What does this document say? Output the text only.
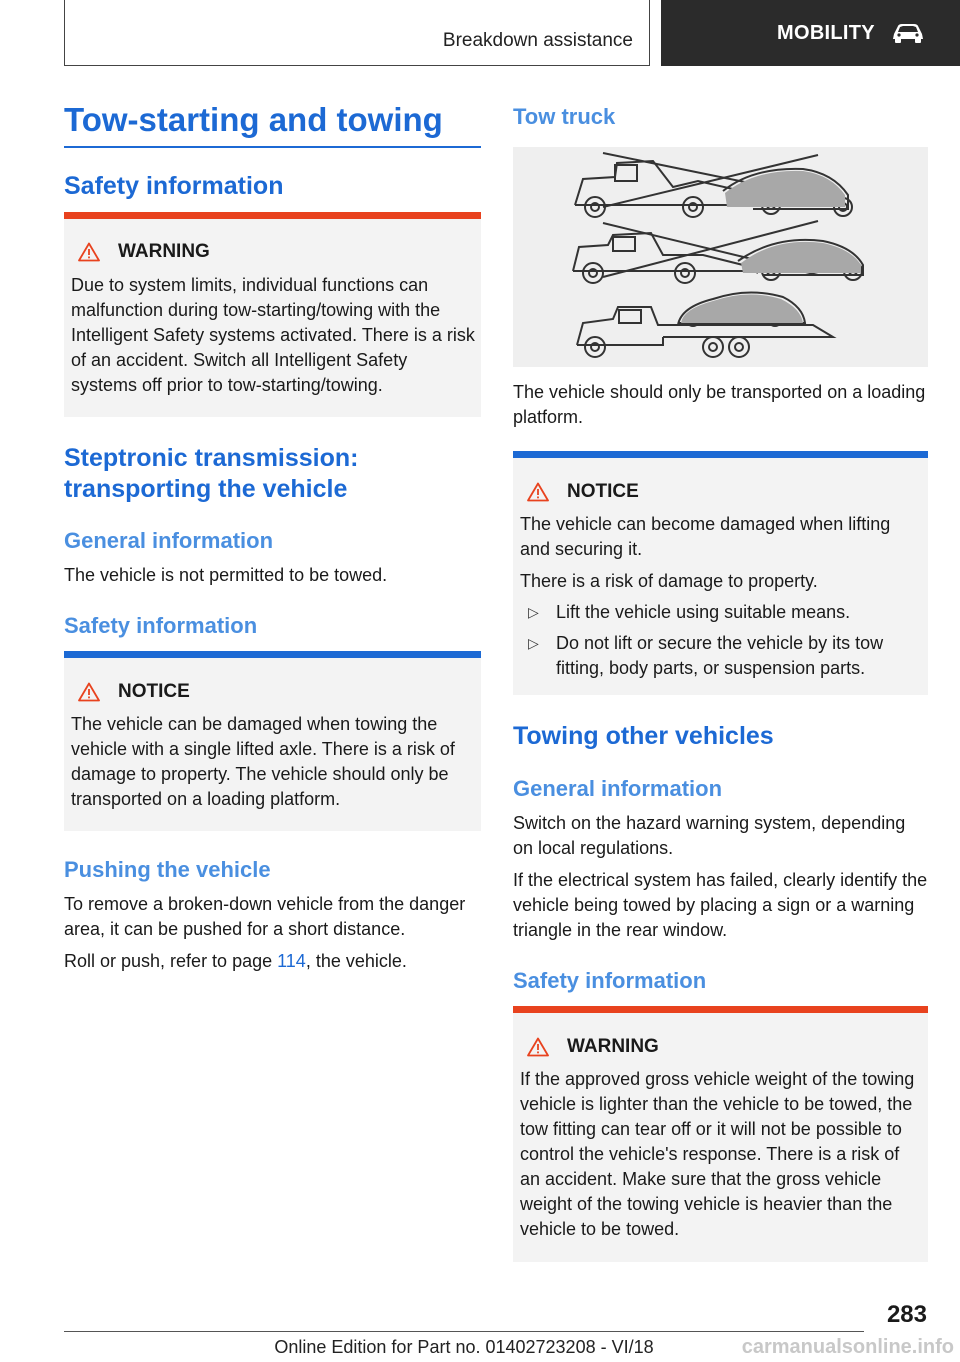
Breakdown assistance	MOBILITY
Tow-starting and towing
Safety information
WARNING
Due to system limits, individual functions can malfunction during tow-starting/towing with the Intelligent Safety systems activated. There is a risk of an accident. Switch all Intelligent Safety systems off prior to tow-starting/towing.
Steptronic transmission: transporting the vehicle
General information

The vehicle is not permitted to be towed.

Safety information
NOTICE
The vehicle can be damaged when towing the vehicle with a single lifted axle. There is a risk of damage to property. The vehicle should only be transported on a loading platform.
Pushing the vehicle

To remove a broken-down vehicle from the danger area, it can be pushed for a short distance.

Roll or push, refer to page 114, the vehicle.

Tow truck

The vehicle should only be transported on a loading platform.

NOTICE
The vehicle can become damaged when lifting and securing it.
There is a risk of damage to property.
▷ Lift the vehicle using suitable means.
▷ Do not lift or secure the vehicle by its tow fitting, body parts, or suspension parts.
Towing other vehicles
General information

Switch on the hazard warning system, depending on local regulations.

If the electrical system has failed, clearly identify the vehicle being towed by placing a sign or a warning triangle in the rear window.

Safety information
WARNING
If the approved gross vehicle weight of the towing vehicle is lighter than the vehicle to be towed, the tow fitting can tear off or it will not be possible to control the vehicle's response. There is a risk of an accident. Make sure that the gross vehicle weight of the towing vehicle is heavier than the vehicle to be towed.
283
Online Edition for Part no. 01402723208 - VI/18	carmanualsonline.info
